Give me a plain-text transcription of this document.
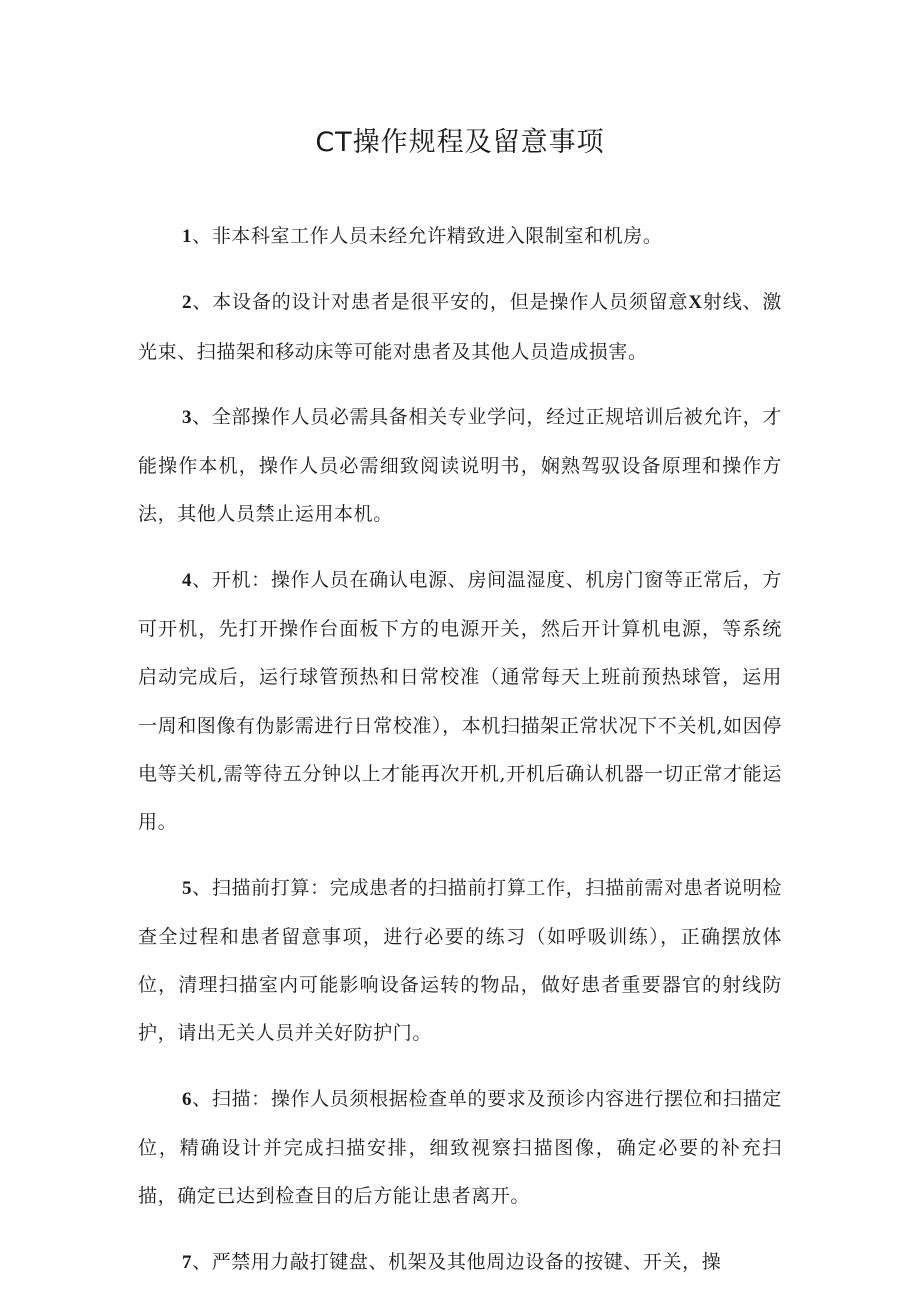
CT操作规程及留意事项

1、非本科室工作人员未经允许精致进入限制室和机房。

2、本设备的设计对患者是很平安的，但是操作人员须留意X射线、激光束、扫描架和移动床等可能对患者及其他人员造成损害。

3、全部操作人员必需具备相关专业学问，经过正规培训后被允许，才能操作本机，操作人员必需细致阅读说明书，娴熟驾驭设备原理和操作方法，其他人员禁止运用本机。

4、开机：操作人员在确认电源、房间温湿度、机房门窗等正常后，方可开机，先打开操作台面板下方的电源开关，然后开计算机电源，等系统启动完成后，运行球管预热和日常校准（通常每天上班前预热球管，运用一周和图像有伪影需进行日常校准），本机扫描架正常状况下不关机,如因停电等关机,需等待五分钟以上才能再次开机,开机后确认机器一切正常才能运用。

5、扫描前打算：完成患者的扫描前打算工作，扫描前需对患者说明检查全过程和患者留意事项，进行必要的练习（如呼吸训练），正确摆放体位，清理扫描室内可能影响设备运转的物品，做好患者重要器官的射线防护，请出无关人员并关好防护门。

6、扫描：操作人员须根据检查单的要求及预诊内容进行摆位和扫描定位，精确设计并完成扫描安排，细致视察扫描图像，确定必要的补充扫描，确定已达到检查目的后方能让患者离开。

7、严禁用力敲打键盘、机架及其他周边设备的按键、开关，操
